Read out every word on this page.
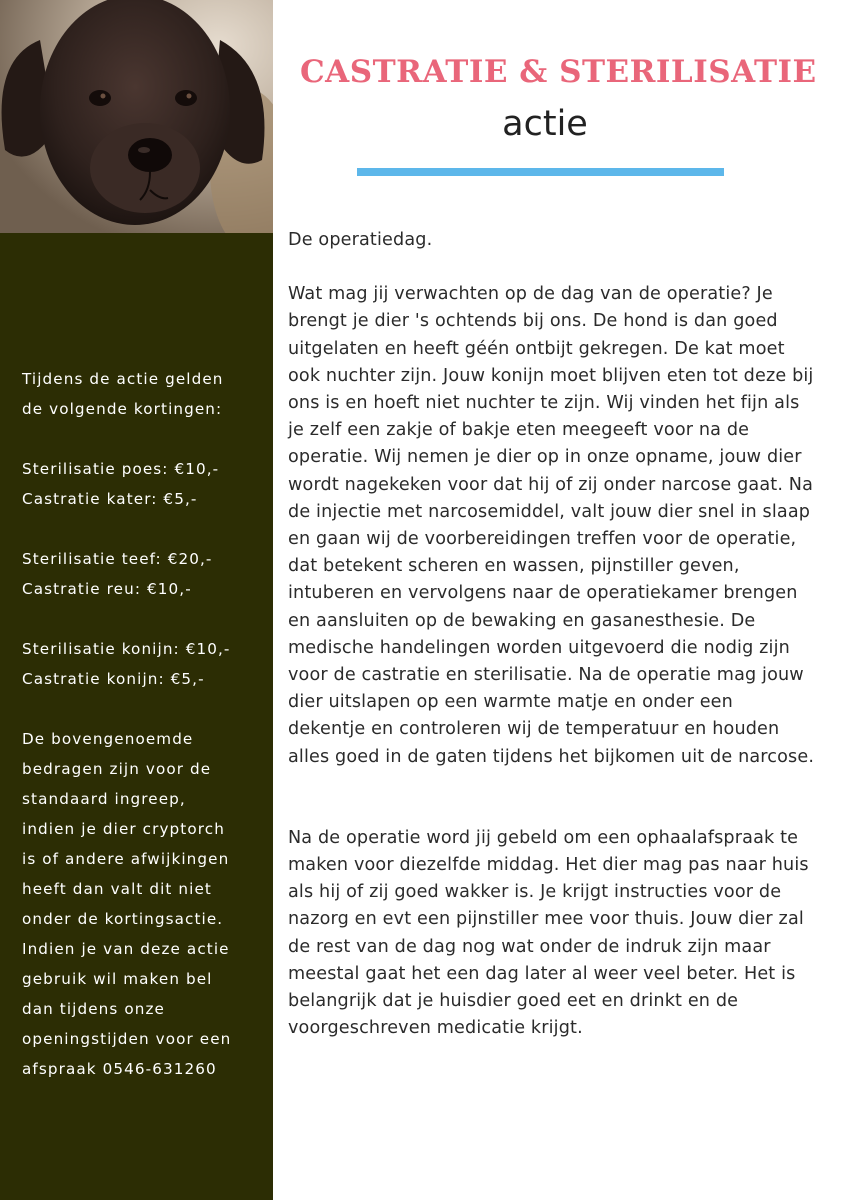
Tijdens de actie gelden

de volgende kortingen:

Sterilisatie poes: €10,-

Castratie kater: €5,-

Sterilisatie teef: €20,-

Castratie reu: €10,-

Sterilisatie konijn: €10,-

Castratie konijn: €5,-

De bovengenoemde

bedragen zijn voor de

standaard ingreep,

indien je dier cryptorch

is of andere afwijkingen

heeft dan valt dit niet

onder de kortingsactie.

Indien je van deze actie

gebruik wil maken bel

dan tijdens onze

openingstijden voor een

afspraak 0546-631260

CASTRATIE & STERILISATIE
actie

De operatiedag.

Wat mag jij verwachten op de dag van de operatie? Je brengt je dier 's ochtends bij ons. De hond is dan goed uitgelaten en heeft géén ontbijt gekregen. De kat moet ook nuchter zijn. Jouw konijn moet blijven eten tot deze bij ons is en hoeft niet nuchter te zijn. Wij vinden het fijn als je zelf een zakje of bakje eten meegeeft voor na de operatie. Wij nemen je dier op in onze opname, jouw dier wordt nagekeken voor dat hij of zij onder narcose gaat. Na de injectie met narcosemiddel, valt jouw dier snel in slaap en gaan wij de voorbereidingen treffen voor de operatie, dat betekent scheren en wassen, pijnstiller geven, intuberen en vervolgens naar de operatiekamer brengen en aansluiten op de bewaking en gasanesthesie. De medische handelingen worden uitgevoerd die nodig zijn voor de castratie en sterilisatie. Na de operatie mag jouw dier uitslapen op een warmte matje en onder een dekentje en controleren wij de temperatuur en houden alles goed in de gaten tijdens het bijkomen uit de narcose.

Na de operatie word jij gebeld om een ophaalafspraak te maken voor diezelfde middag. Het dier mag pas naar huis als hij of zij goed wakker is. Je krijgt instructies voor de nazorg en evt een pijnstiller mee voor thuis. Jouw dier zal de rest van de dag nog wat onder de indruk zijn maar meestal gaat het een dag later al weer veel beter. Het is belangrijk dat je huisdier goed eet en drinkt en de voorgeschreven medicatie krijgt.
